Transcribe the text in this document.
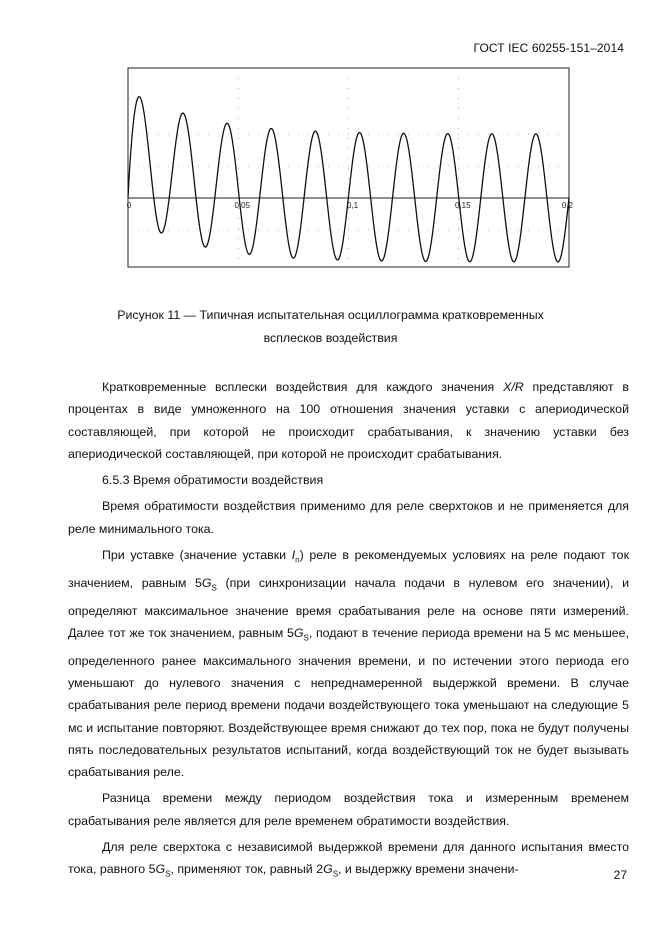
ГОСТ IEC 60255-151–2014
0	0,05	0,1	0,15	0,2
Рисунок 11 — Типичная испытательная осциллограмма кратковременных
всплесков воздействия

Кратковременные всплески воздействия для каждого значения X/R представляют в процентах в виде умноженного на 100 отношения значения уставки с апериодической составляющей, при которой не происходит срабатывания, к значению уставки без апериодической составляющей, при которой не происходит срабатывания.

6.5.3 Время обратимости воздействия

Время обратимости воздействия применимо для реле сверхтоков и не применяется для реле минимального тока.

При уставке (значение уставки $I_n$) реле в рекомендуемых условиях на реле подают ток значением, равным $5G_S$ (при синхронизации начала подачи в нулевом его значении), и определяют максимальное значение время срабатывания реле на основе пяти измерений. Далее тот же ток значением, равным $5G_S$, подают в течение периода времени на 5 мс меньшее, определенного ранее максимального значения времени, и по истечении этого периода его уменьшают до нулевого значения с непреднамеренной выдержкой времени. В случае срабатывания реле период времени подачи воздействующего тока уменьшают на следующие 5 мс и испытание повторяют. Воздействующее время снижают до тех пор, пока не будут получены пять последовательных результатов испытаний, когда воздействующий ток не будет вызывать срабатывания реле.

Разница времени между периодом воздействия тока и измеренным временем срабатывания реле является для реле временем обратимости воздействия.

Для реле сверхтока с независимой выдержкой времени для данного испытания вместо тока, равного $5G_S$, применяют ток, равный $2G_S$, и выдержку времени значени-	27
